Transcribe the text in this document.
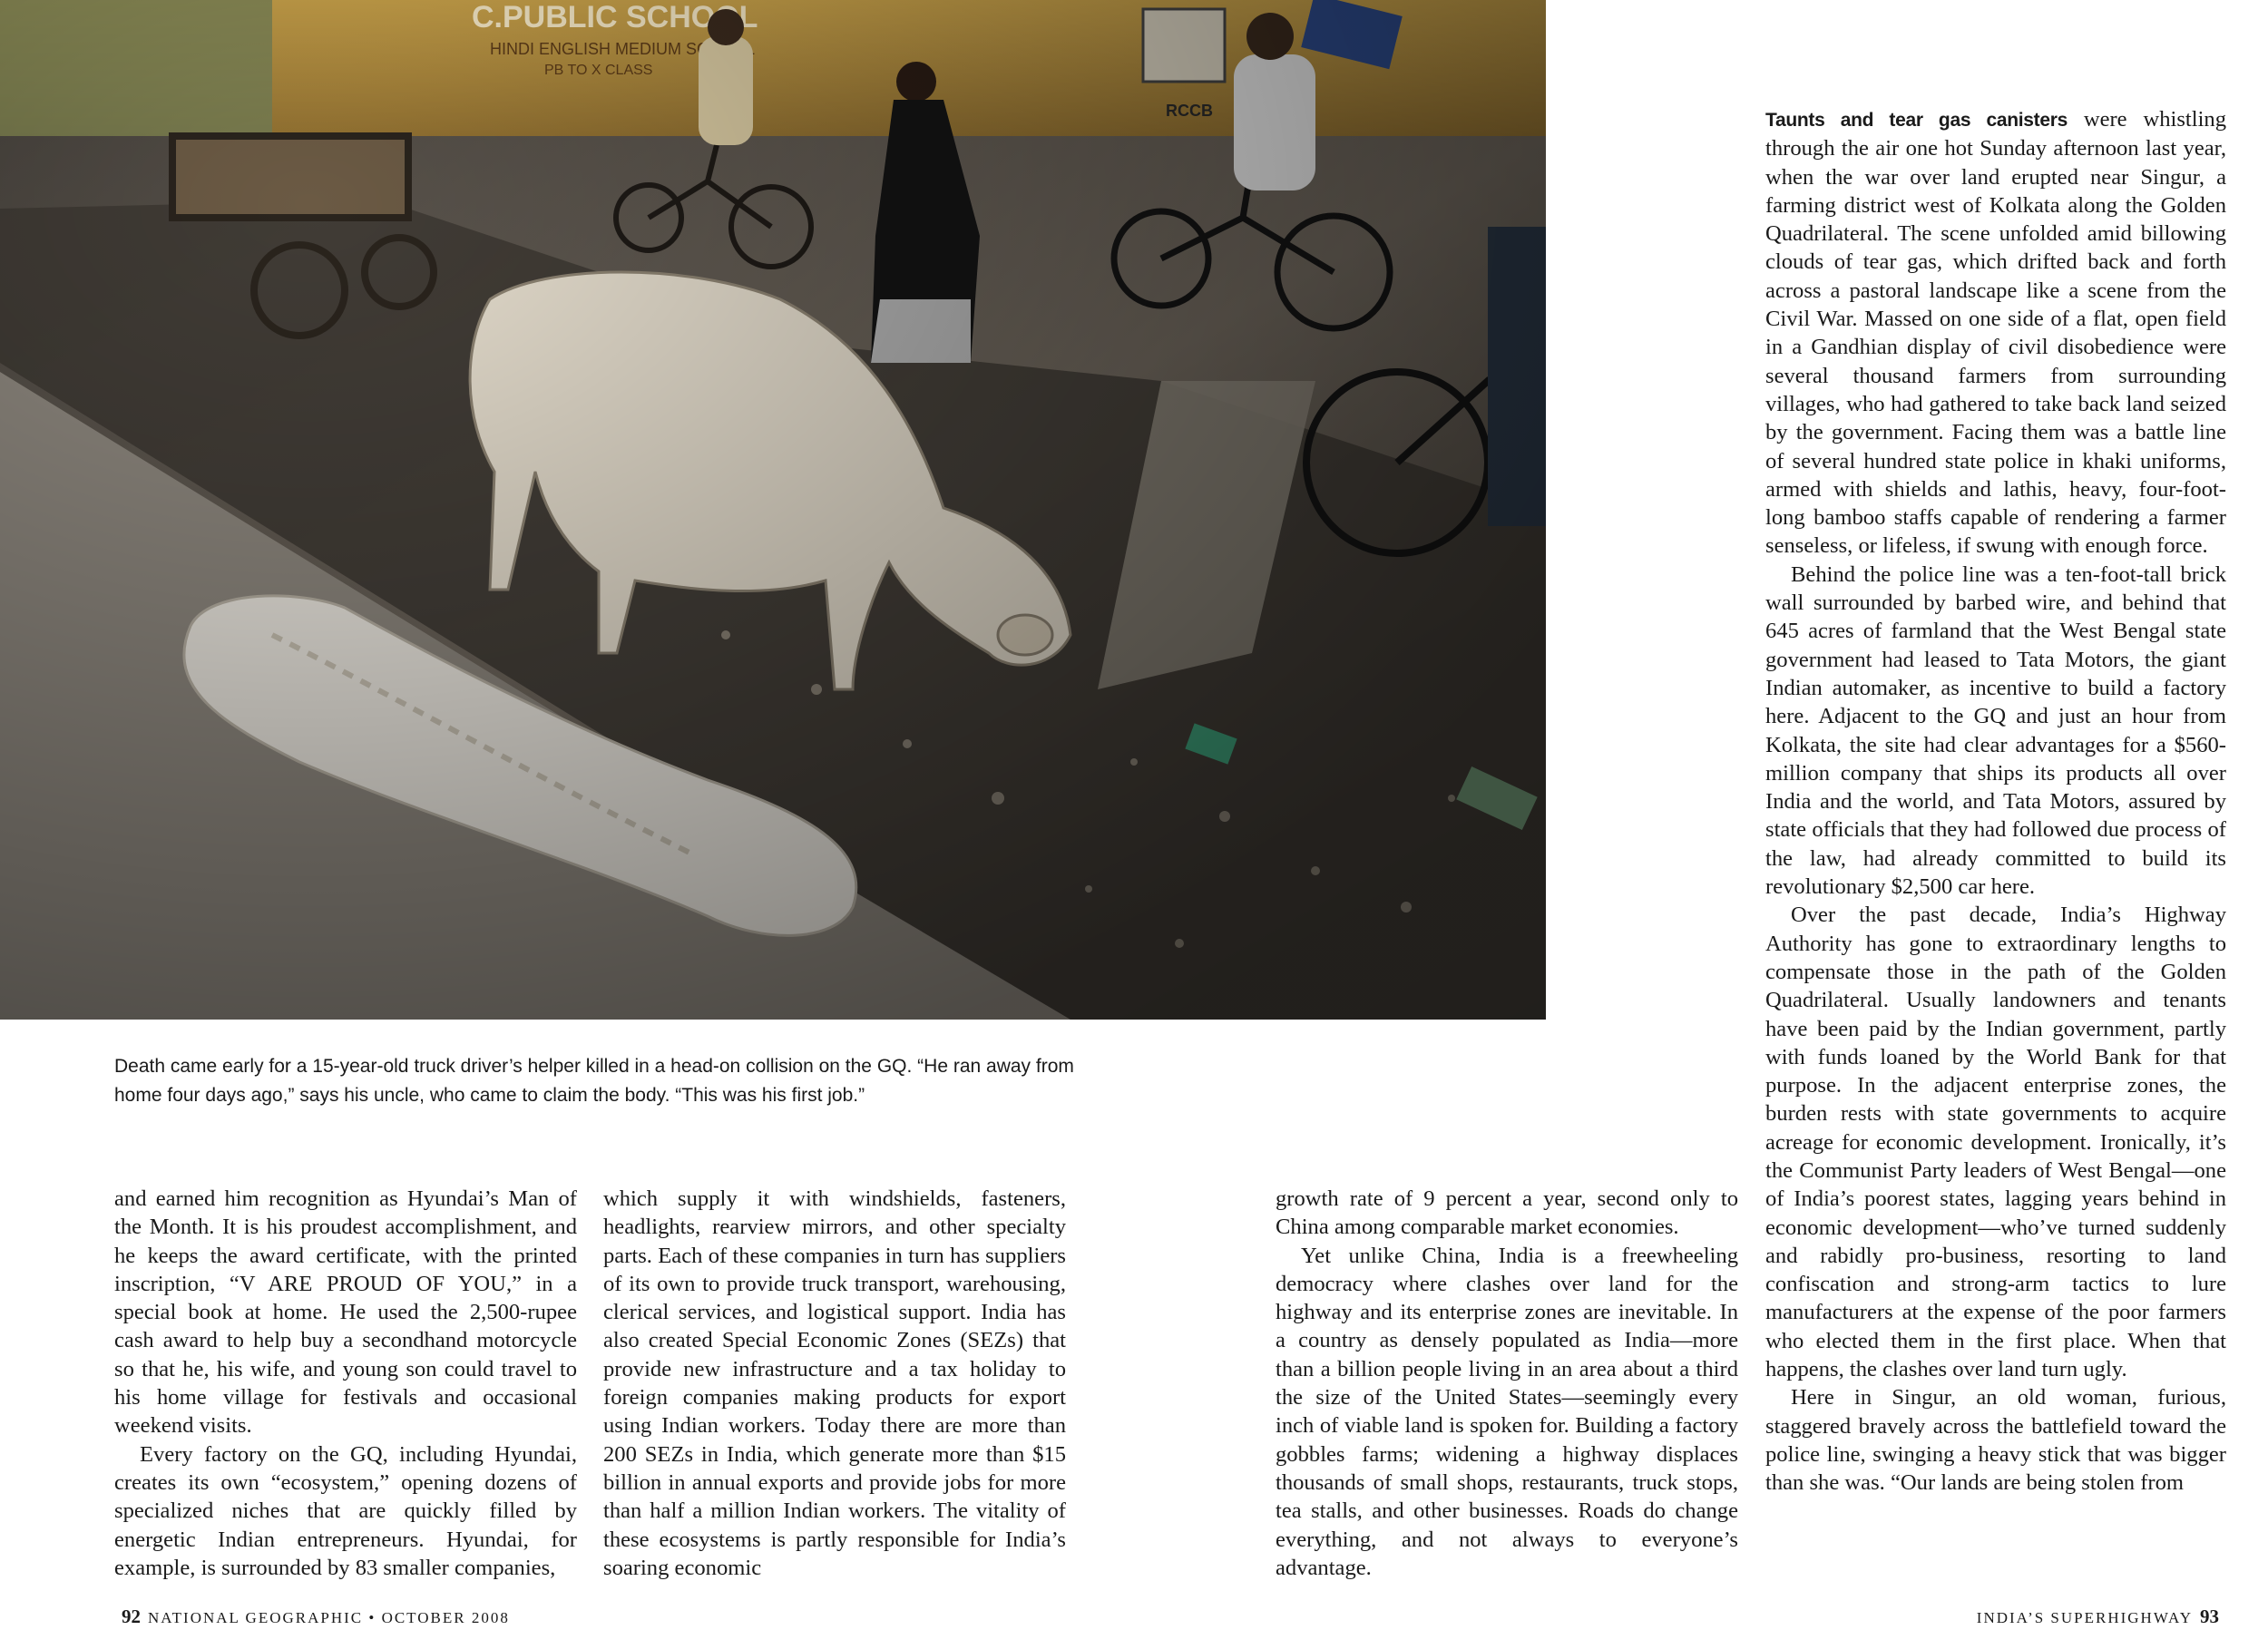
Death came early for a 15-year-old truck driver’s helper killed in a head-on collision on the GQ. “He ran away from home four days ago,” says his uncle, who came to claim the body. “This was his first job.”

and earned him recognition as Hyundai’s Man of the Month. It is his proudest accomplishment, and he keeps the award certificate, with the printed inscription, “V ARE PROUD OF YOU,” in a special book at home. He used the 2,500-rupee cash award to help buy a secondhand motorcycle so that he, his wife, and young son could travel to his home village for festivals and occasional weekend visits.

Every factory on the GQ, including Hyundai, creates its own “ecosystem,” opening dozens of specialized niches that are quickly filled by energetic Indian entrepreneurs. Hyundai, for example, is surrounded by 83 smaller companies,

which supply it with windshields, fasteners, headlights, rearview mirrors, and other specialty parts. Each of these companies in turn has suppliers of its own to provide truck transport, warehousing, clerical services, and logistical support. India has also created Special Economic Zones (SEZs) that provide new infrastructure and a tax holiday to foreign companies making products for export using Indian workers. Today there are more than 200 SEZs in India, which generate more than $15 billion in annual exports and provide jobs for more than half a million Indian workers. The vitality of these ecosystems is partly responsible for India’s soaring economic

growth rate of 9 percent a year, second only to China among comparable market economies.

Yet unlike China, India is a freewheeling democracy where clashes over land for the highway and its enterprise zones are inevitable. In a country as densely populated as India—more than a billion people living in an area about a third the size of the United States—seemingly every inch of viable land is spoken for. Building a factory gobbles farms; widening a highway displaces thousands of small shops, restaurants, truck stops, tea stalls, and other businesses. Roads do change everything, and not always to everyone’s advantage.

Taunts and tear gas canisters were whistling through the air one hot Sunday afternoon last year, when the war over land erupted near Singur, a farming district west of Kolkata along the Golden Quadrilateral. The scene unfolded amid billowing clouds of tear gas, which drifted back and forth across a pastoral landscape like a scene from the Civil War. Massed on one side of a flat, open field in a Gandhian display of civil disobedience were several thousand farmers from surrounding villages, who had gathered to take back land seized by the government. Facing them was a battle line of several hundred state police in khaki uniforms, armed with shields and lathis, heavy, four-foot-long bamboo staffs capable of rendering a farmer senseless, or lifeless, if swung with enough force.

Behind the police line was a ten-foot-tall brick wall surrounded by barbed wire, and behind that 645 acres of farmland that the West Bengal state government had leased to Tata Motors, the giant Indian automaker, as incentive to build a factory here. Adjacent to the GQ and just an hour from Kolkata, the site had clear advantages for a $560-million company that ships its products all over India and the world, and Tata Motors, assured by state officials that they had followed due process of the law, had already committed to build its revolutionary $2,500 car here.

Over the past decade, India’s Highway Authority has gone to extraordinary lengths to compensate those in the path of the Golden Quadrilateral. Usually landowners and tenants have been paid by the Indian government, partly with funds loaned by the World Bank for that purpose. In the adjacent enterprise zones, the burden rests with state governments to acquire acreage for economic development. Ironically, it’s the Communist Party leaders of West Bengal—one of India’s poorest states, lagging years behind in economic development—who’ve turned suddenly and rabidly pro-business, resorting to land confiscation and strong-arm tactics to lure manufacturers at the expense of the poor farmers who elected them in the first place. When that happens, the clashes over land turn ugly.

Here in Singur, an old woman, furious, staggered bravely across the battlefield toward the police line, swinging a heavy stick that was bigger than she was. “Our lands are being stolen from

92 NATIONAL GEOGRAPHIC • OCTOBER 2008	INDIA’S SUPERHIGHWAY 93
